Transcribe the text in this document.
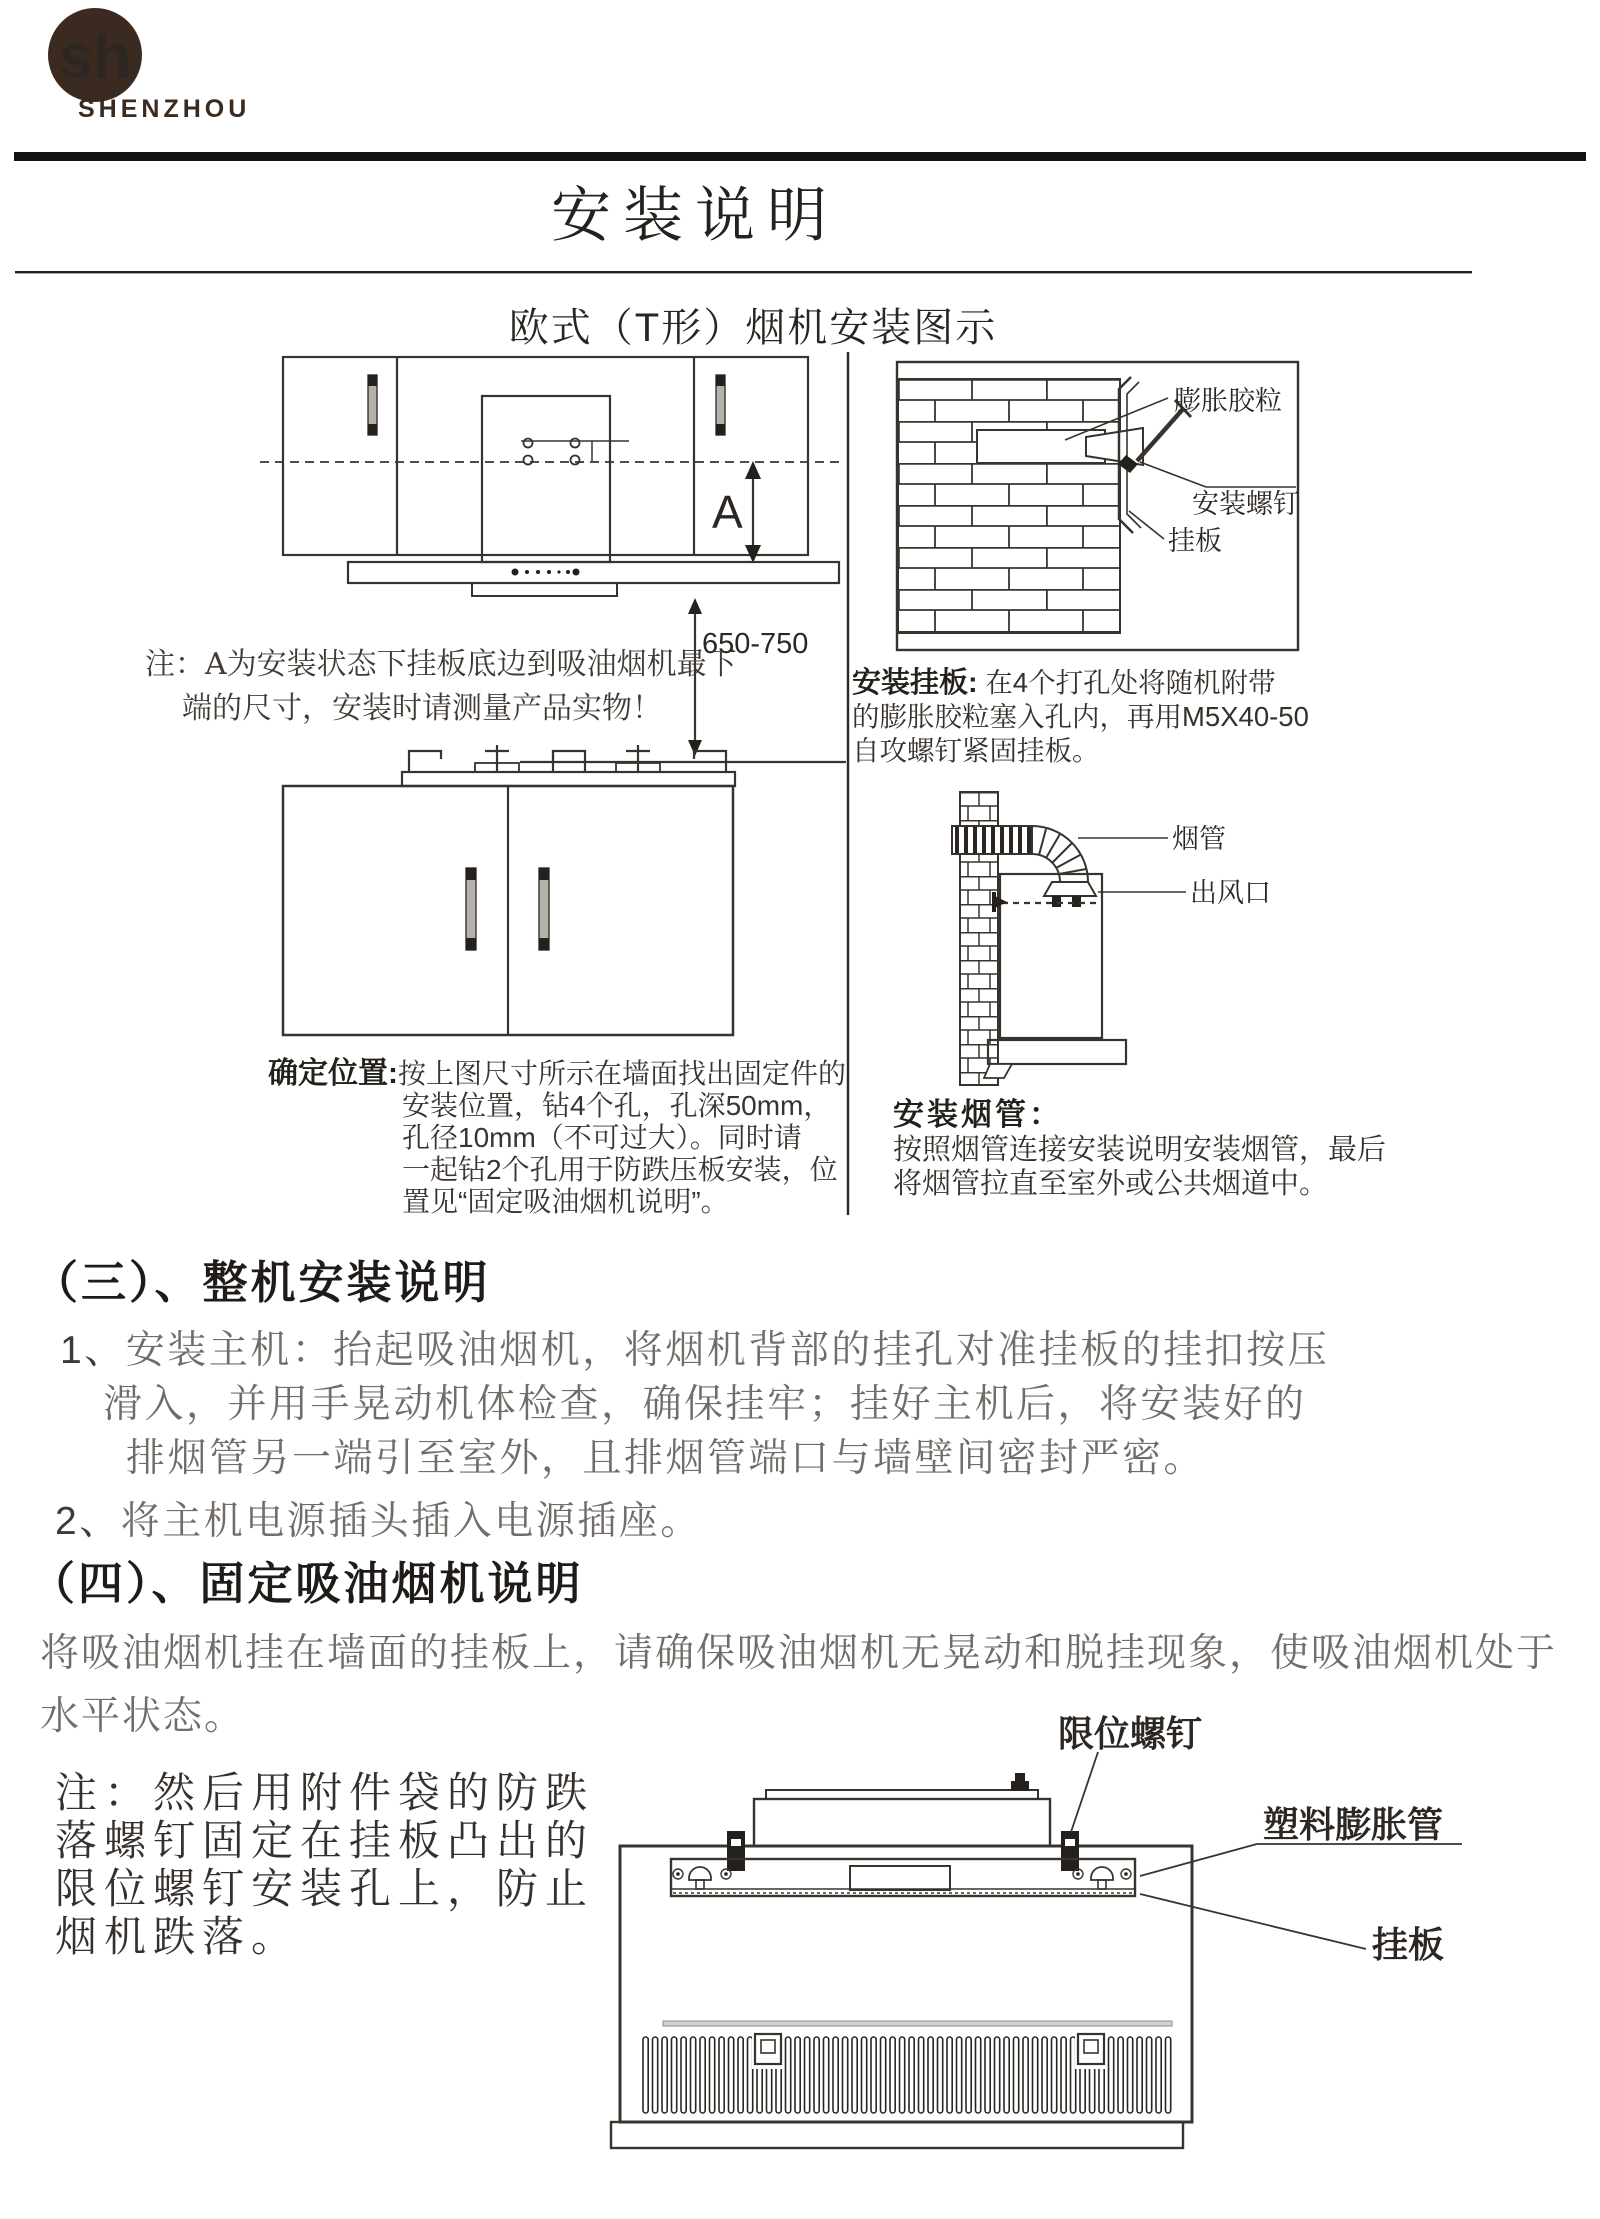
sh
A
650-750
膨胀胶粒
安装螺钉
挂板
烟管
出风口
限位螺钉
塑料膨胀管
挂板
SHENZHOU
安装说明
欧式（T形）烟机安装图示
注：A为安装状态下挂板底边到吸油烟机最下
端的尺寸，安装时请测量产品实物！
安装挂板: 在4个打孔处将随机附带
的膨胀胶粒塞入孔内，再用M5X40-50
自攻螺钉紧固挂板。
确定位置:按上图尺寸所示在墙面找出固定件的
安装位置，钻4个孔，孔深50mm，
孔径10mm（不可过大）。同时请
一起钻2个孔用于防跌压板安装，位
置见“固定吸油烟机说明”。
安装烟管：
按照烟管连接安装说明安装烟管，最后
将烟管拉直至室外或公共烟道中。
（三）、整机安装说明
1、安装主机：抬起吸油烟机，将烟机背部的挂孔对准挂板的挂扣按压
滑入，并用手晃动机体检查，确保挂牢；挂好主机后，将安装好的
排烟管另一端引至室外，且排烟管端口与墙壁间密封严密。
2、将主机电源插头插入电源插座。
（四）、固定吸油烟机说明
将吸油烟机挂在墙面的挂板上，请确保吸油烟机无晃动和脱挂现象，使吸油烟机处于
水平状态。
注：然后用附件袋的防跌
落螺钉固定在挂板凸出的
限位螺钉安装孔上，防止
烟机跌落。
